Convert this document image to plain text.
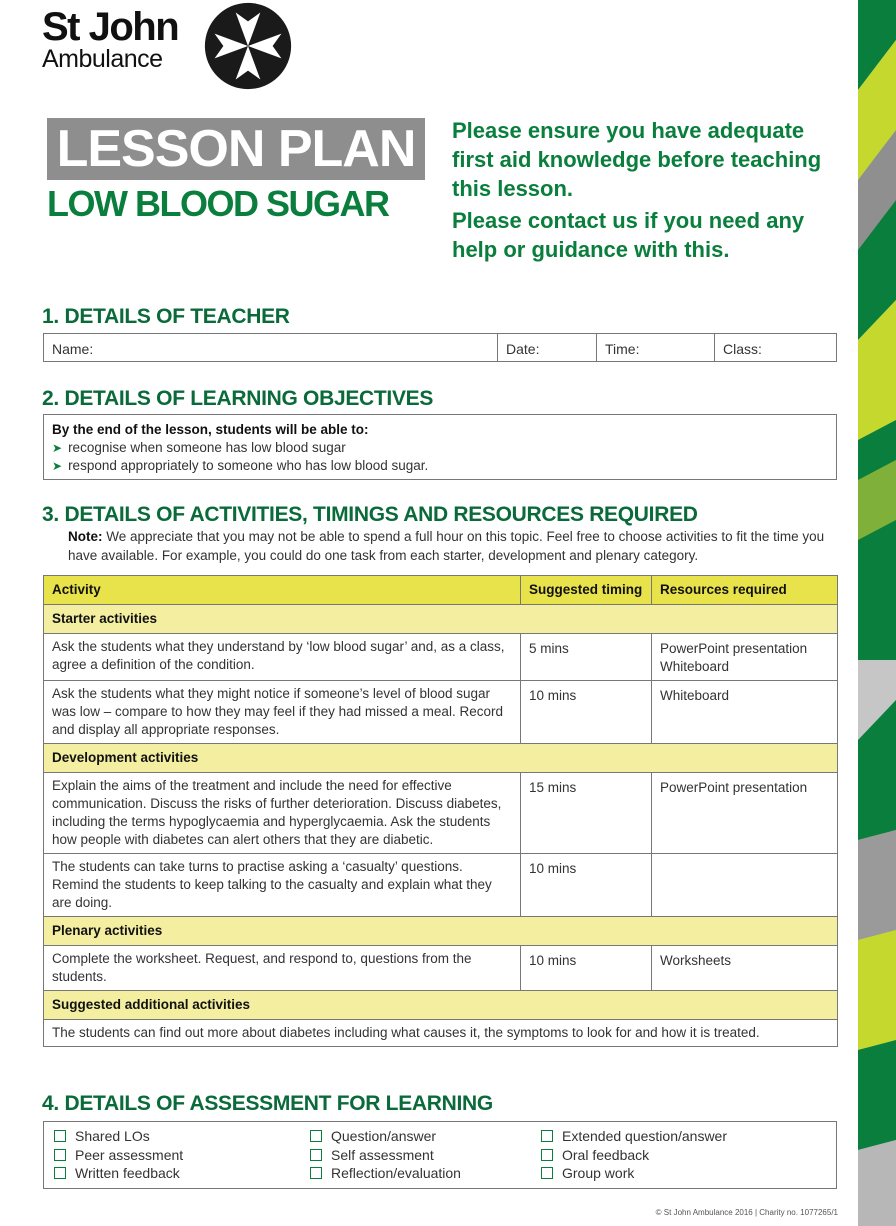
St John
Ambulance
LESSON PLAN
LOW BLOOD SUGAR

Please ensure you have adequate first aid knowledge before teaching this lesson.

Please contact us if you need any help or guidance with this.

1. DETAILS OF TEACHER
Name:	Date:	Time:	Class:
2. DETAILS OF LEARNING OBJECTIVES
By the end of the lesson, students will be able to:
➤ recognise when someone has low blood sugar
➤ respond appropriately to someone who has low blood sugar.
3. DETAILS OF ACTIVITIES, TIMINGS AND RESOURCES REQUIRED
Note: We appreciate that you may not be able to spend a full hour on this topic. Feel free to choose activities to fit the time you have available. For example, you could do one task from each starter, development and plenary category.
Activity	Suggested timing	Resources required
Starter activities		
Ask the students what they understand by ‘low blood sugar’ and, as a class, agree a definition of the condition.	5 mins	PowerPoint presentation Whiteboard
Ask the students what they might notice if someone’s level of blood sugar was low – compare to how they may feel if they had missed a meal. Record and display all appropriate responses.	10 mins	Whiteboard
Development activities		
Explain the aims of the treatment and include the need for effective communication. Discuss the risks of further deterioration. Discuss diabetes, including the terms hypoglycaemia and hyperglycaemia. Ask the students how people with diabetes can alert others that they are diabetic.	15 mins	PowerPoint presentation
The students can take turns to practise asking a ‘casualty’ questions. Remind the students to keep talking to the casualty and explain what they are doing.	10 mins	
Plenary activities		
Complete the worksheet. Request, and respond to, questions from the students.	10 mins	Worksheets
Suggested additional activities		
The students can find out more about diabetes including what causes it, the symptoms to look for and how it is treated.		
4. DETAILS OF ASSESSMENT FOR LEARNING
Shared LOs
Peer assessment
Written feedback
Question/answer
Self assessment
Reflection/evaluation
Extended question/answer
Oral feedback
Group work
© St John Ambulance 2016 | Charity no. 1077265/1
